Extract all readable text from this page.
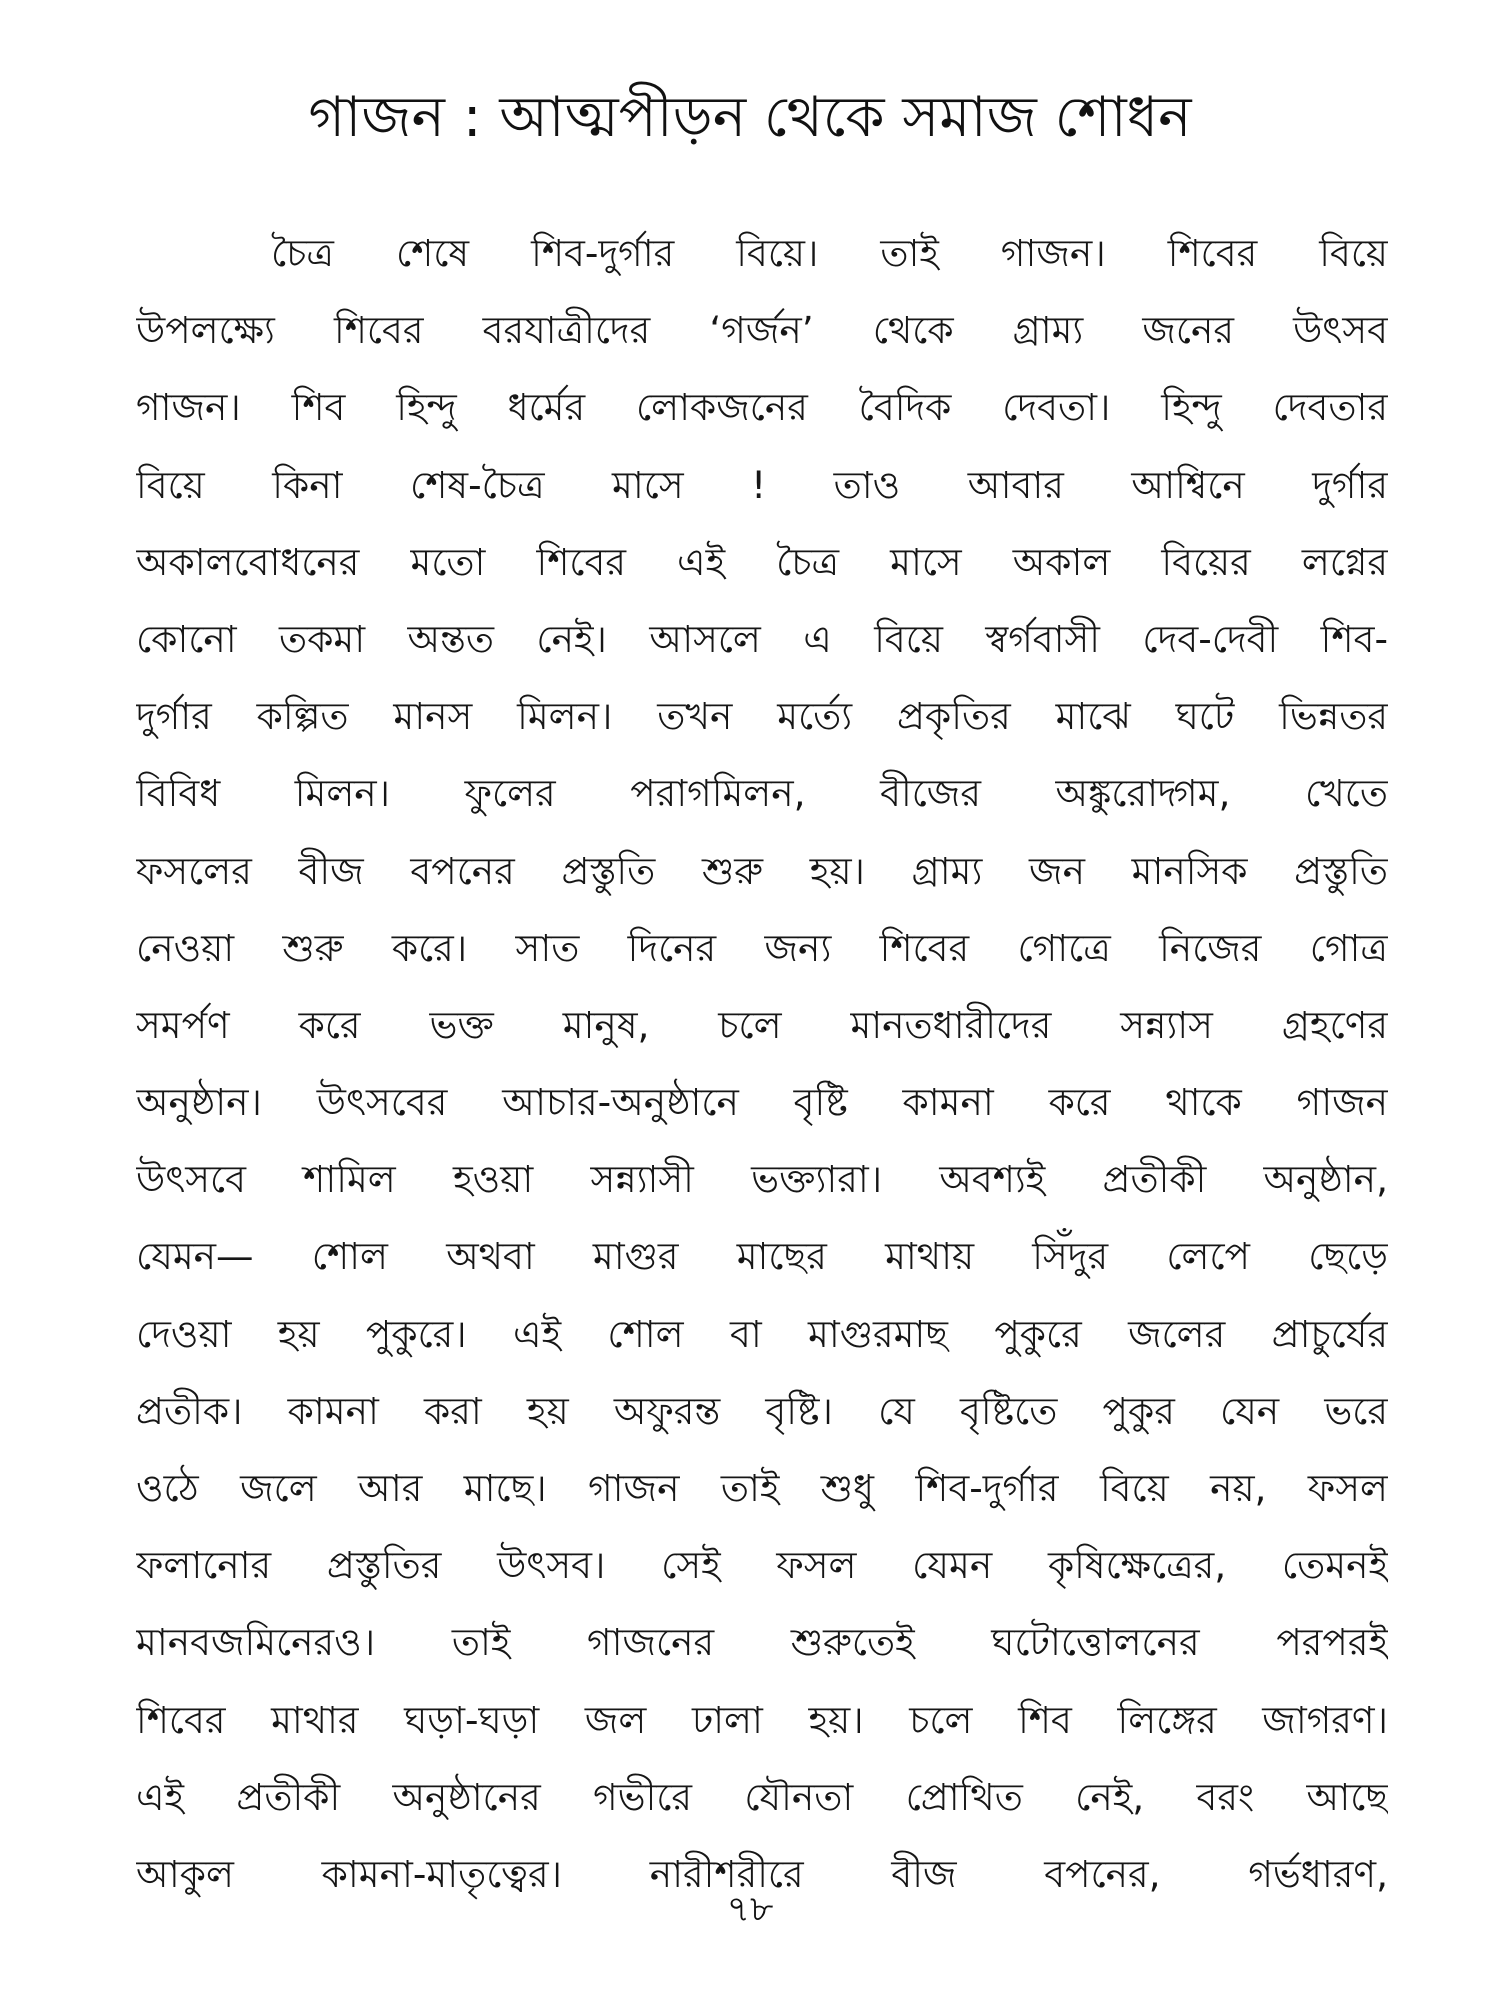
গাজন : আত্মপীড়ন থেকে সমাজ শোধন
চৈত্র শেষে শিব-দুর্গার বিয়ে। তাই গাজন। শিবের বিয়ে
উপলক্ষ্যে শিবের বরযাত্রীদের ‘গর্জন’ থেকে গ্রাম্য জনের উৎসব
গাজন। শিব হিন্দু ধর্মের লোকজনের বৈদিক দেবতা। হিন্দু দেবতার
বিয়ে কিনা শেষ-চৈত্র মাসে ! তাও আবার আশ্বিনে দুর্গার
অকালবোধনের মতো শিবের এই চৈত্র মাসে অকাল বিয়ের লগ্নের
কোনো তকমা অন্তত নেই। আসলে এ বিয়ে স্বর্গবাসী দেব-দেবী শিব-
দুর্গার কল্পিত মানস মিলন। তখন মর্ত্যে প্রকৃতির মাঝে ঘটে ভিন্নতর
বিবিধ মিলন। ফুলের পরাগমিলন, বীজের অঙ্কুরোদ্গম, খেতে
ফসলের বীজ বপনের প্রস্তুতি শুরু হয়। গ্রাম্য জন মানসিক প্রস্তুতি
নেওয়া শুরু করে। সাত দিনের জন্য শিবের গোত্রে নিজের গোত্র
সমর্পণ করে ভক্ত মানুষ, চলে মানতধারীদের সন্ন্যাস গ্রহণের
অনুষ্ঠান। উৎসবের আচার-অনুষ্ঠানে বৃষ্টি কামনা করে থাকে গাজন
উৎসবে শামিল হওয়া সন্ন্যাসী ভক্ত্যারা। অবশ্যই প্রতীকী অনুষ্ঠান,
যেমন— শোল অথবা মাগুর মাছের মাথায় সিঁদুর লেপে ছেড়ে
দেওয়া হয় পুকুরে। এই শোল বা মাগুরমাছ পুকুরে জলের প্রাচুর্যের
প্রতীক। কামনা করা হয় অফুরন্ত বৃষ্টি। যে বৃষ্টিতে পুকুর যেন ভরে
ওঠে জলে আর মাছে। গাজন তাই শুধু শিব-দুর্গার বিয়ে নয়, ফসল
ফলানোর প্রস্তুতির উৎসব। সেই ফসল যেমন কৃষিক্ষেত্রের, তেমনই
মানবজমিনেরও। তাই গাজনের শুরুতেই ঘটোত্তোলনের পরপরই
শিবের মাথার ঘড়া-ঘড়া জল ঢালা হয়। চলে শিব লিঙ্গের জাগরণ।
এই প্রতীকী অনুষ্ঠানের গভীরে যৌনতা প্রোথিত নেই, বরং আছে
আকুল কামনা-মাতৃত্বের। নারীশরীরে বীজ বপনের, গর্ভধারণ,
৭৮
